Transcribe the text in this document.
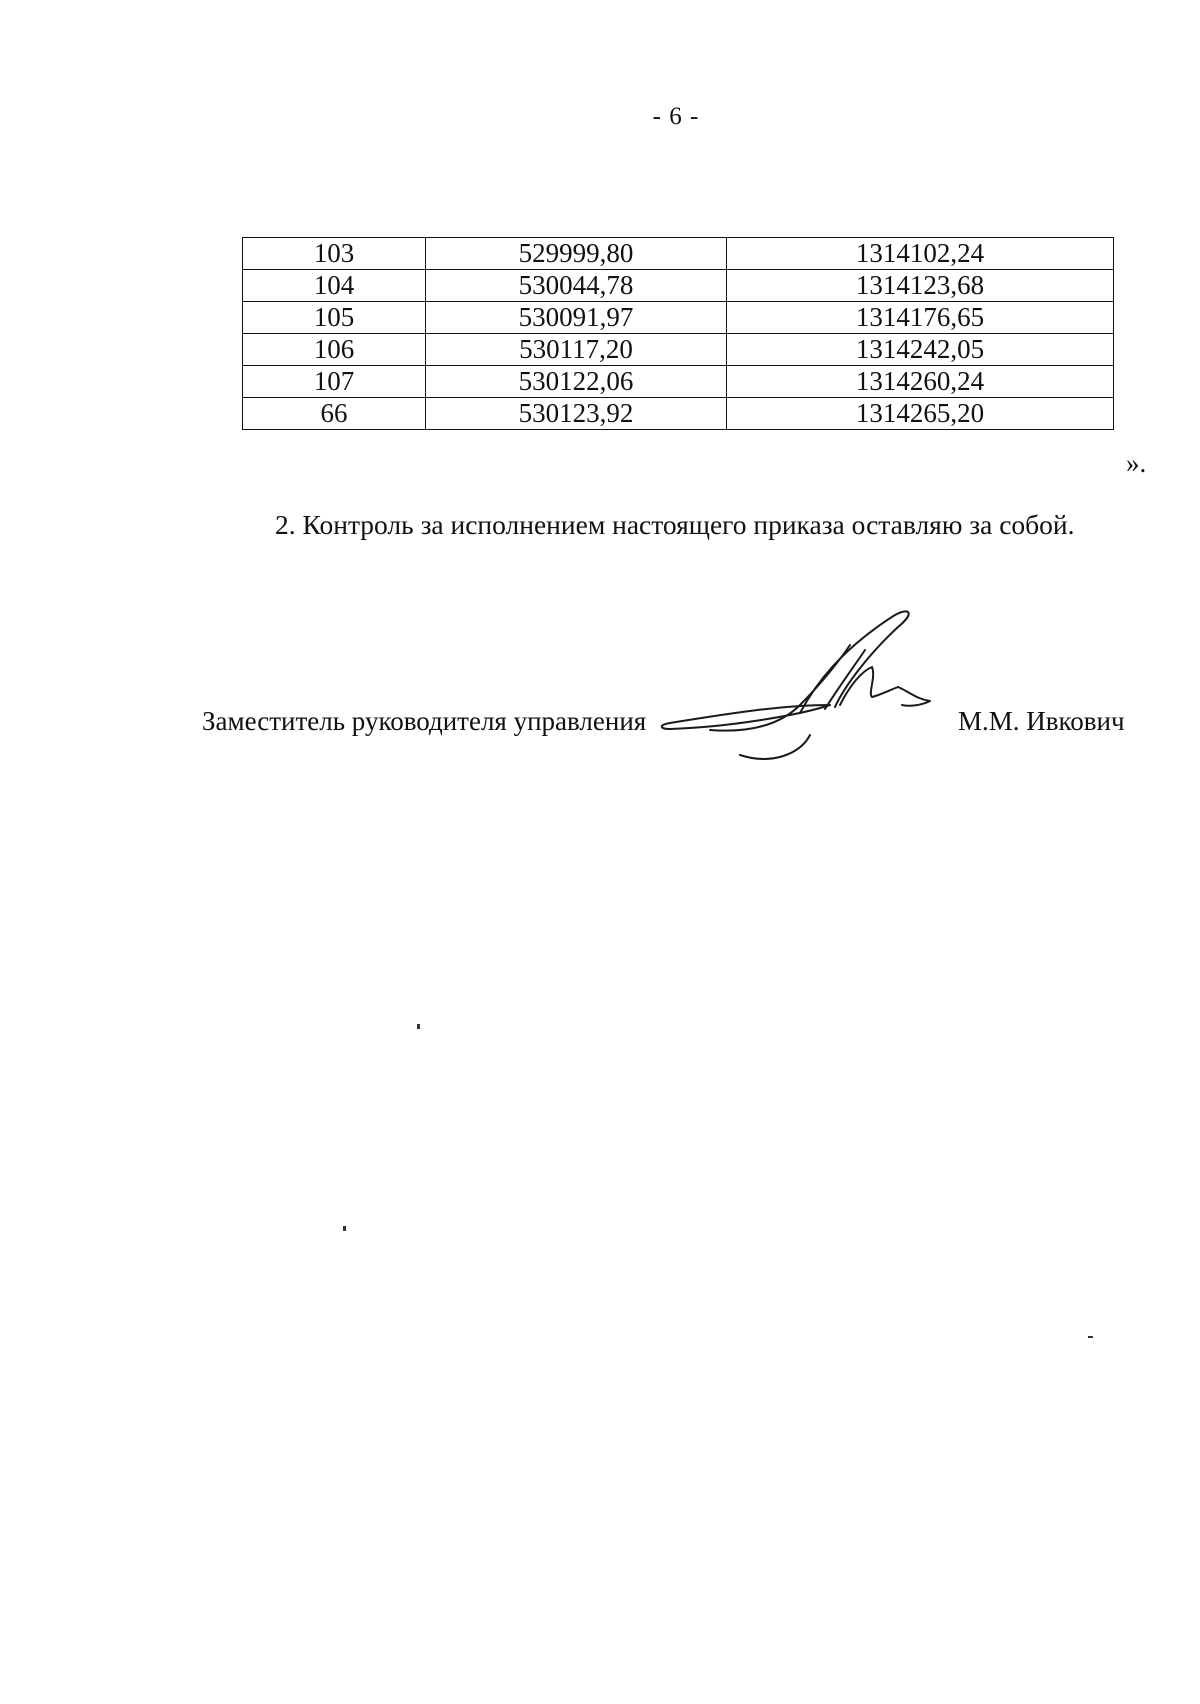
- 6 -
103	529999,80	1314102,24
104	530044,78	1314123,68
105	530091,97	1314176,65
106	530117,20	1314242,05
107	530122,06	1314260,24
66	530123,92	1314265,20
».
2. Контроль за исполнением настоящего приказа оставляю за собой.
Заместитель руководителя управления	М.М. Ивкович
